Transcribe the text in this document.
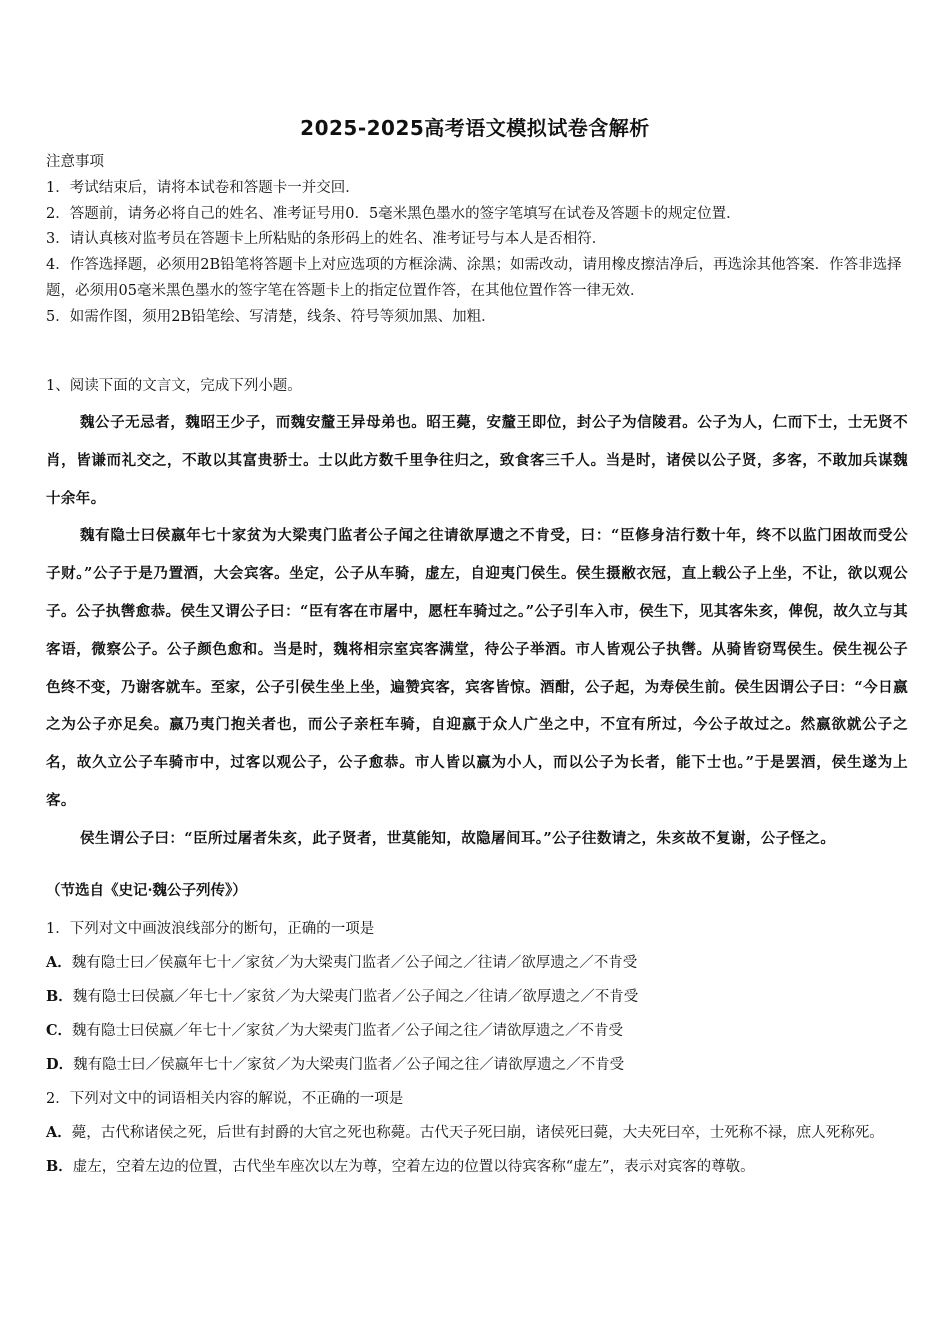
2025-2025高考语文模拟试卷含解析
注意事项
1．考试结束后，请将本试卷和答题卡一并交回．
2．答题前，请务必将自己的姓名、准考证号用0．5毫米黑色墨水的签字笔填写在试卷及答题卡的规定位置．
3．请认真核对监考员在答题卡上所粘贴的条形码上的姓名、准考证号与本人是否相符．
4．作答选择题，必须用2B铅笔将答题卡上对应选项的方框涂满、涂黑；如需改动，请用橡皮擦洁净后，再选涂其他答案．作答非选择题，必须用05毫米黑色墨水的签字笔在答题卡上的指定位置作答，在其他位置作答一律无效．
5．如需作图，须用2B铅笔绘、写清楚，线条、符号等须加黑、加粗．
1、阅读下面的文言文，完成下列小题。

魏公子无忌者，魏昭王少子，而魏安釐王异母弟也。昭王薨，安釐王即位，封公子为信陵君。公子为人，仁而下士，士无贤不肖，皆谦而礼交之，不敢以其富贵骄士。士以此方数千里争往归之，致食客三千人。当是时，诸侯以公子贤，多客，不敢加兵谋魏十余年。

魏有隐士曰侯嬴年七十家贫为大梁夷门监者公子闻之往请欲厚遗之不肯受，曰：“臣修身洁行数十年，终不以监门困故而受公子财。”公子于是乃置酒，大会宾客。坐定，公子从车骑，虚左，自迎夷门侯生。侯生摄敝衣冠，直上载公子上坐，不让，欲以观公子。公子执辔愈恭。侯生又谓公子曰：“臣有客在市屠中，愿枉车骑过之。”公子引车入市，侯生下，见其客朱亥，俾倪，故久立与其客语，微察公子。公子颜色愈和。当是时，魏将相宗室宾客满堂，待公子举酒。市人皆观公子执辔。从骑皆窃骂侯生。侯生视公子色终不变，乃谢客就车。至家，公子引侯生坐上坐，遍赞宾客，宾客皆惊。酒酣，公子起，为寿侯生前。侯生因谓公子曰：“今日嬴之为公子亦足矣。嬴乃夷门抱关者也，而公子亲枉车骑，自迎嬴于众人广坐之中，不宜有所过，今公子故过之。然嬴欲就公子之名，故久立公子车骑市中，过客以观公子，公子愈恭。市人皆以嬴为小人，而以公子为长者，能下士也。”于是罢酒，侯生遂为上客。

侯生谓公子曰：“臣所过屠者朱亥，此子贤者，世莫能知，故隐屠间耳。”公子往数请之，朱亥故不复谢，公子怪之。

（节选自《史记·魏公子列传》）

1．下列对文中画波浪线部分的断句，正确的一项是

A．魏有隐士曰／侯嬴年七十／家贫／为大梁夷门监者／公子闻之／往请／欲厚遗之／不肯受

B．魏有隐士曰侯嬴／年七十／家贫／为大梁夷门监者／公子闻之／往请／欲厚遗之／不肯受

C．魏有隐士曰侯嬴／年七十／家贫／为大梁夷门监者／公子闻之往／请欲厚遗之／不肯受

D．魏有隐士曰／侯嬴年七十／家贫／为大梁夷门监者／公子闻之往／请欲厚遗之／不肯受

2．下列对文中的词语相关内容的解说，不正确的一项是

A．薨，古代称诸侯之死，后世有封爵的大官之死也称薨。古代天子死曰崩，诸侯死曰薨，大夫死曰卒，士死称不禄，庶人死称死。

B．虚左，空着左边的位置，古代坐车座次以左为尊，空着左边的位置以待宾客称“虚左”，表示对宾客的尊敬。
